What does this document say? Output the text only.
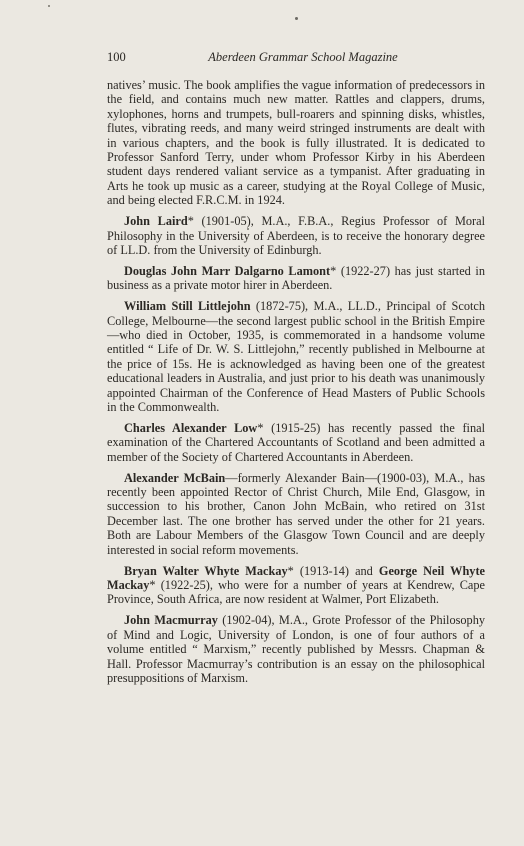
100	Aberdeen Grammar School Magazine

natives’ music. The book amplifies the vague information of predecessors in the field, and contains much new matter. Rattles and clappers, drums, xylophones, horns and trumpets, bull-roarers and spinning disks, whistles, flutes, vibrating reeds, and many weird stringed instruments are dealt with in various chapters, and the book is fully illustrated. It is dedicated to Professor Sanford Terry, under whom Professor Kirby in his Aberdeen student days rendered valiant service as a tympanist. After graduating in Arts he took up music as a career, studying at the Royal College of Music, and being elected F.R.C.M. in 1924.

John Laird* (1901-05), M.A., F.B.A., Regius Professor of Moral Philosophy in the University of Aberdeen, is to receive the honorary degree of LL.D. from the University of Edinburgh.

Douglas John Marr Dalgarno Lamont* (1922-27) has just started in business as a private motor hirer in Aberdeen.

William Still Littlejohn (1872-75), M.A., LL.D., Principal of Scotch College, Melbourne—the second largest public school in the British Empire—who died in October, 1935, is commemorated in a handsome volume entitled “ Life of Dr. W. S. Littlejohn,” recently published in Melbourne at the price of 15s. He is acknowledged as having been one of the greatest educational leaders in Australia, and just prior to his death was unanimously appointed Chairman of the Conference of Head Masters of Public Schools in the Commonwealth.

Charles Alexander Low* (1915-25) has recently passed the final examination of the Chartered Accountants of Scotland and been admitted a member of the Society of Chartered Accountants in Aberdeen.

Alexander McBain—formerly Alexander Bain—(1900-03), M.A., has recently been appointed Rector of Christ Church, Mile End, Glasgow, in succession to his brother, Canon John McBain, who retired on 31st December last. The one brother has served under the other for 21 years. Both are Labour Members of the Glasgow Town Council and are deeply interested in social reform movements.

Bryan Walter Whyte Mackay* (1913-14) and George Neil Whyte Mackay* (1922-25), who were for a number of years at Kendrew, Cape Province, South Africa, are now resident at Walmer, Port Elizabeth.

John Macmurray (1902-04), M.A., Grote Professor of the Philosophy of Mind and Logic, University of London, is one of four authors of a volume entitled “ Marxism,” recently published by Messrs. Chapman & Hall. Professor Macmurray’s contribution is an essay on the philosophical presuppositions of Marxism.
